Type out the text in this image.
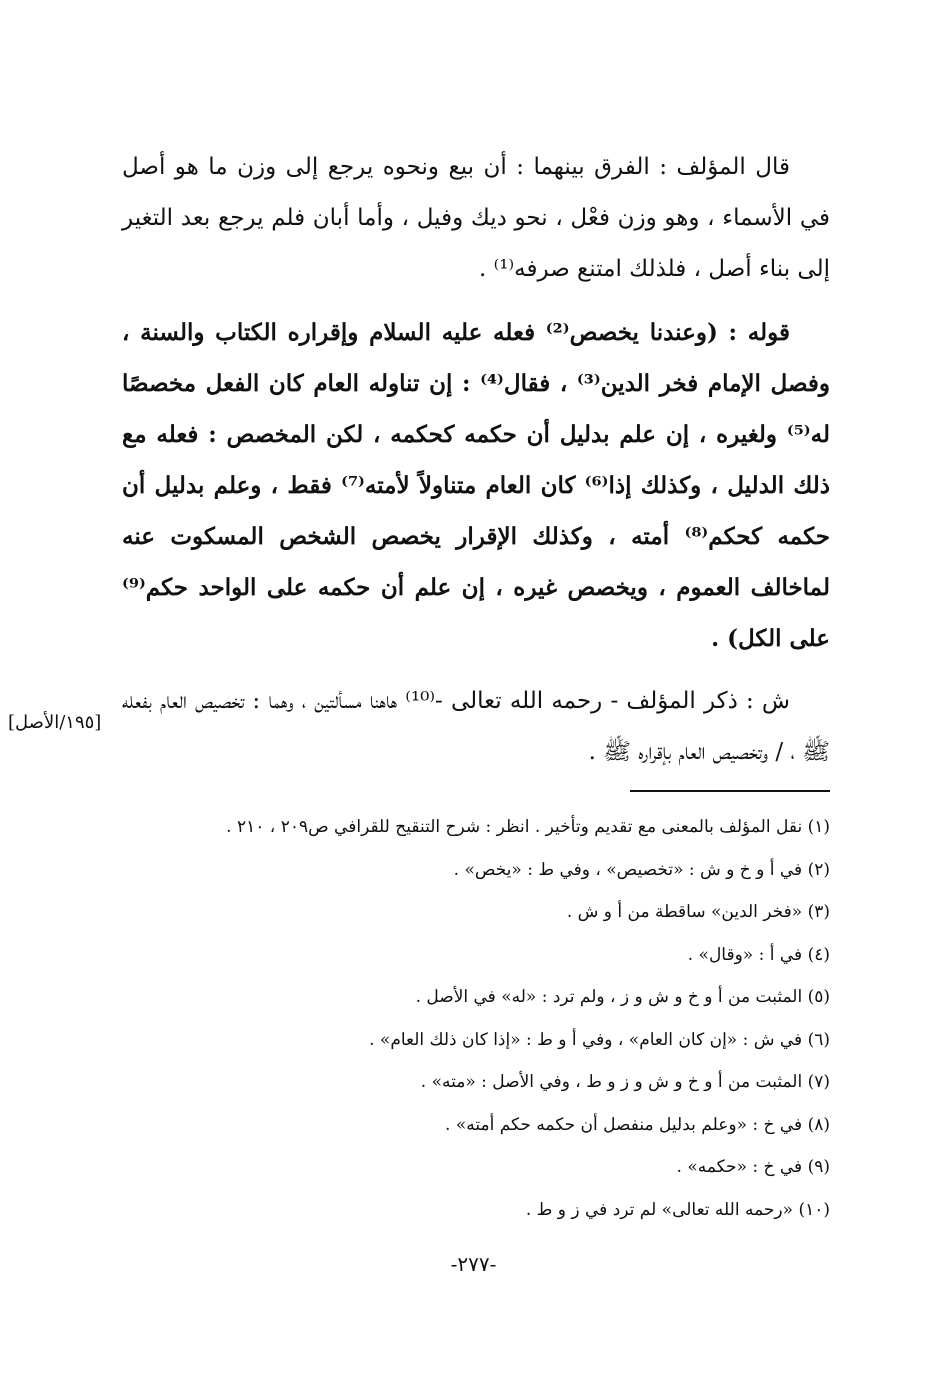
قال المؤلف : الفرق بينهما : أن بيع ونحوه يرجع إلى وزن ما هو أصل في الأسماء ، وهو وزن فعْل ، نحو ديك وفيل ، وأما أبان فلم يرجع بعد التغير إلى بناء أصل ، فلذلك امتنع صرفه⁽¹⁾ .

قوله : (وعندنا يخصص⁽²⁾ فعله عليه السلام وإقراره الكتاب والسنة ، وفصل الإمام فخر الدين⁽³⁾ ، فقال⁽⁴⁾ : إن تناوله العام كان الفعل مخصصًا له⁽⁵⁾ ولغيره ، إن علم بدليل أن حكمه كحكمه ، لكن المخصص : فعله مع ذلك الدليل ، وكذلك إذا⁽⁶⁾ كان العام متناولاً لأمته⁽⁷⁾ فقط ، وعلم بدليل أن حكمه كحكم⁽⁸⁾ أمته ، وكذلك الإقرار يخصص الشخص المسكوت عنه لماخالف العموم ، ويخصص غيره ، إن علم أن حكمه على الواحد حكم⁽⁹⁾ على الكل) .

ش : ذكر المؤلف - رحمه الله تعالى -⁽¹⁰⁾ هاهنا مسألتين ، وهما : تخصيص العام بفعله ﷺ ، / وتخصيص العام بإقراره ﷺ .

[١٩٥/الأصل]

(١) نقل المؤلف بالمعنى مع تقديم وتأخير . انظر : شرح التنقيح للقرافي ص٢٠٩ ، ٢١٠ .

(٢) في أ و خ و ش : «تخصيص» ، وفي ط : «يخص» .

(٣) «فخر الدين» ساقطة من أ و ش .

(٤) في أ : «وقال» .

(٥) المثبت من أ و خ و ش و ز ، ولم ترد : «له» في الأصل .

(٦) في ش : «إن كان العام» ، وفي أ و ط : «إذا كان ذلك العام» .

(٧) المثبت من أ و خ و ش و ز و ط ، وفي الأصل : «مته» .

(٨) في خ : «وعلم بدليل منفصل أن حكمه حكم أمته» .

(٩) في خ : «حكمه» .

(١٠) «رحمه الله تعالى» لم ترد في ز و ط .

-٢٧٧-
